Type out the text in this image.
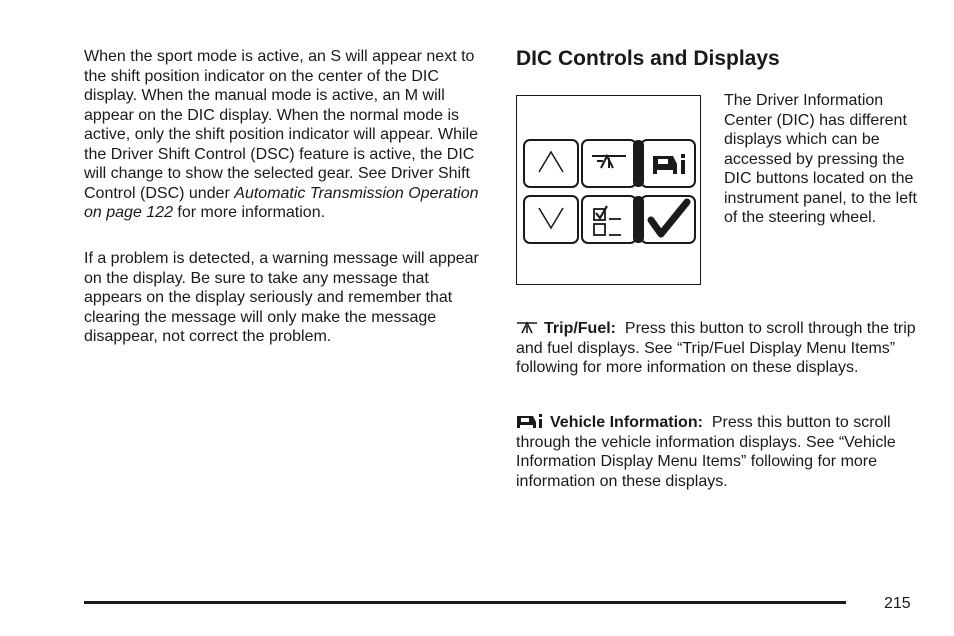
When the sport mode is active, an S will appear next to the shift position indicator on the center of the DIC display. When the manual mode is active, an M will appear on the DIC display. When the normal mode is active, only the shift position indicator will appear. While the Driver Shift Control (DSC) feature is active, the DIC will change to show the selected gear. See Driver Shift Control (DSC) under Automatic Transmission Operation on page 122 for more information.

If a problem is detected, a warning message will appear on the display. Be sure to take any message that appears on the display seriously and remember that clearing the message will only make the message disappear, not correct the problem.

DIC Controls and Displays

The Driver Information Center (DIC) has different displays which can be accessed by pressing the DIC buttons located on the instrument panel, to the left of the steering wheel.

Trip/Fuel: Press this button to scroll through the trip and fuel displays. See “Trip/Fuel Display Menu Items” following for more information on these displays.

Vehicle Information: Press this button to scroll through the vehicle information displays. See “Vehicle Information Display Menu Items” following for more information on these displays.

215
